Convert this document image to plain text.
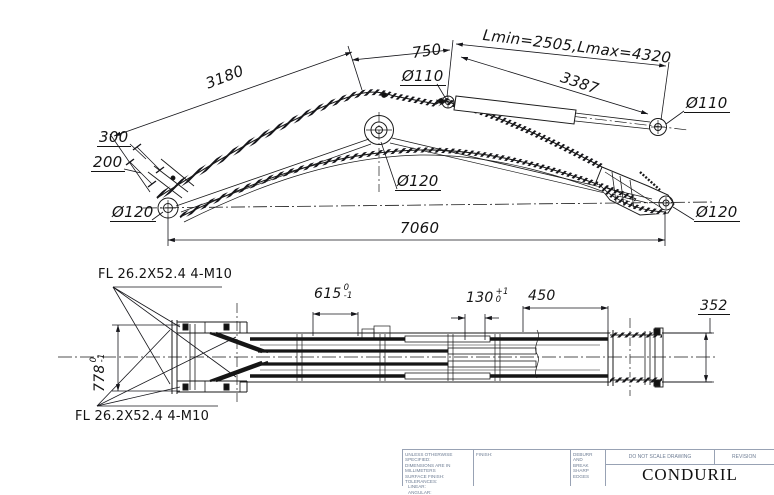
3180
750	Lmin=2505,Lmax=4320
3387
Ø110
Ø110
300
200
Ø120
Ø120
Ø120
7060
FL 26.2X52.4 4-M10
FL 26.2X52.4 4-M10
615 0
-1	130 +1
0	450
352
778
0
-1
UNLESS OTHERWISE SPECIFIED:
DIMENSIONS ARE IN MILLIMETERS
SURFACE FINISH:
TOLERANCES:
LINEAR:
ANGULAR:
FINISH:	DEBURR AND
BREAK SHARP
EDGES
DO NOT SCALE DRAWING	REVISION
CONDURIL
